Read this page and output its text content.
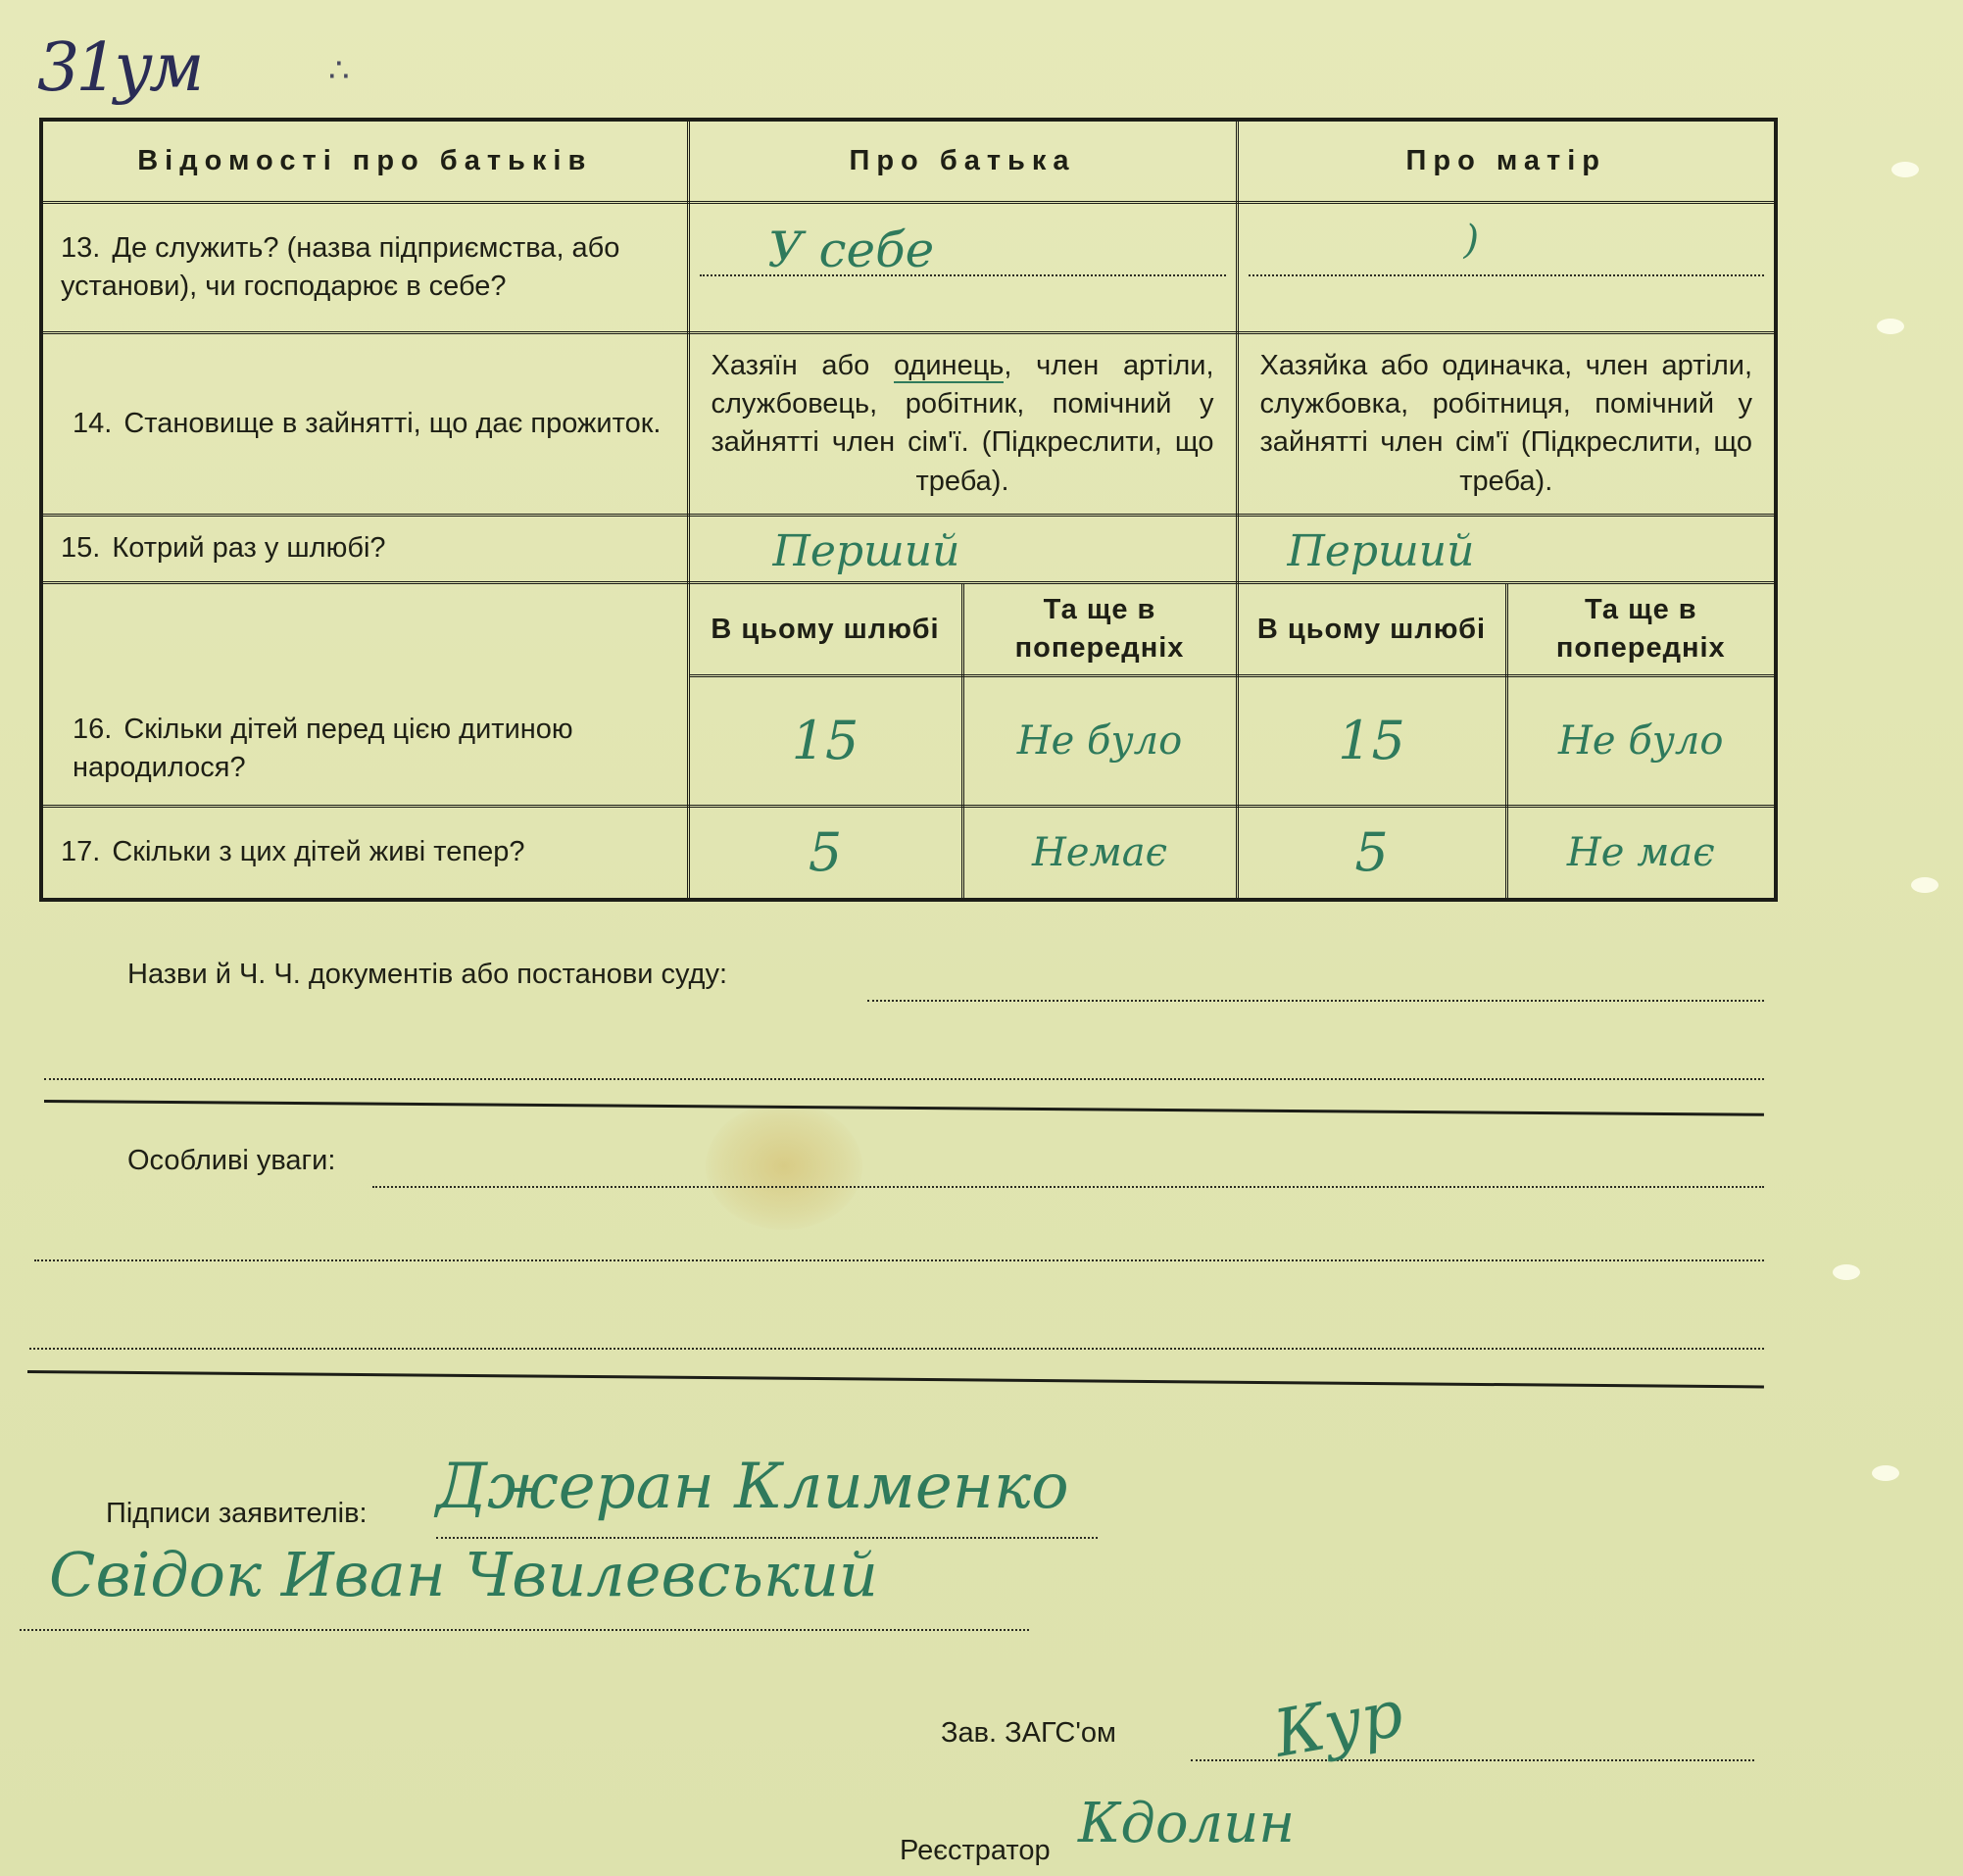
31ум	∴
Відомості про батьків	Про батька		Про матір	
13. Де служить? (назва підприємства, або установи), чи господарює в себе?	У себе		)	

14. Становище в зайнятті, що дає прожиток.	Хазяїн або одинець, член артіли, службовець, робітник, помічний у зайнятті член сім'ї. (Підкреслити, що треба).		Хазяйка або одиначка, член артіли, службовка, робітниця, помічний у зайнятті член сім'ї (Підкреслити, що треба).	
15. Котрий раз у шлюбі?	Перший		Перший	

16. Скільки дітей перед цією дитиною народилося?	В цьому шлюбі	Та ще в попередніх	В цьому шлюбі	Та ще в попередніх
	15	Не було	15	Не було
17. Скільки з цих дітей живі тепер?	5	Немає	5	Не має
Назви й Ч. Ч. документів або постанови суду:
Особливі уваги:
Підписи заявителів: Джеран Клименко
Свідок Иван Чвилевський
Зав. ЗАГС'ом Кур
Реєстратор Кдолин
